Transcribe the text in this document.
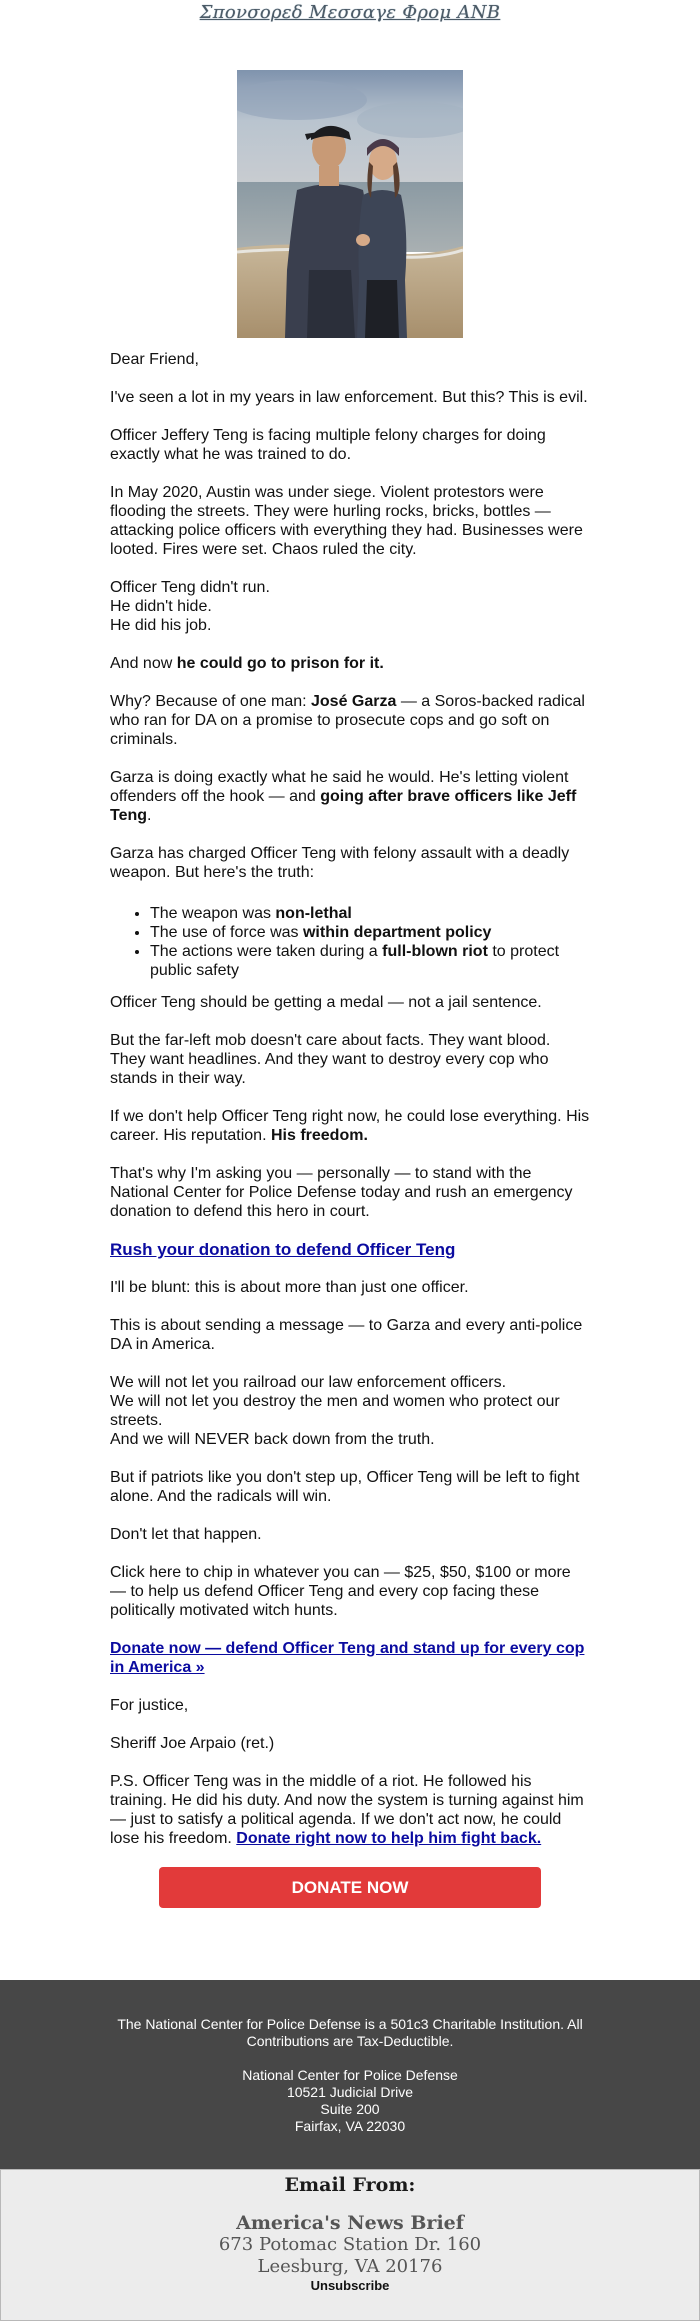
Σπονσορεδ Μεσσαγε Φρομ ΑΝΒ

Dear Friend,

I've seen a lot in my years in law enforcement. But this? This is evil.

Officer Jeffery Teng is facing multiple felony charges for doing exactly what he was trained to do.

In May 2020, Austin was under siege. Violent protestors were flooding the streets. They were hurling rocks, bricks, bottles — attacking police officers with everything they had. Businesses were looted. Fires were set. Chaos ruled the city.

Officer Teng didn't run.
He didn't hide.
He did his job.

And now he could go to prison for it.

Why? Because of one man: José Garza — a Soros-backed radical who ran for DA on a promise to prosecute cops and go soft on criminals.

Garza is doing exactly what he said he would. He's letting violent offenders off the hook — and going after brave officers like Jeff Teng.

Garza has charged Officer Teng with felony assault with a deadly weapon. But here's the truth:

• The weapon was non-lethal
• The use of force was within department policy
• The actions were taken during a full-blown riot to protect public safety

Officer Teng should be getting a medal — not a jail sentence.

But the far-left mob doesn't care about facts. They want blood. They want headlines. And they want to destroy every cop who stands in their way.

If we don't help Officer Teng right now, he could lose everything. His career. His reputation. His freedom.

That's why I'm asking you — personally — to stand with the National Center for Police Defense today and rush an emergency donation to defend this hero in court.

Rush your donation to defend Officer Teng

I'll be blunt: this is about more than just one officer.

This is about sending a message — to Garza and every anti-police DA in America.

We will not let you railroad our law enforcement officers.
We will not let you destroy the men and women who protect our streets.
And we will NEVER back down from the truth.

But if patriots like you don't step up, Officer Teng will be left to fight alone. And the radicals will win.

Don't let that happen.

Click here to chip in whatever you can — $25, $50, $100 or more — to help us defend Officer Teng and every cop facing these politically motivated witch hunts.

Donate now — defend Officer Teng and stand up for every cop in America »

For justice,

Sheriff Joe Arpaio (ret.)

P.S. Officer Teng was in the middle of a riot. He followed his training. He did his duty. And now the system is turning against him — just to satisfy a political agenda. If we don't act now, he could lose his freedom. Donate right now to help him fight back.

DONATE NOW

The National Center for Police Defense is a 501c3 Charitable Institution. All Contributions are Tax-Deductible.

National Center for Police Defense
10521 Judicial Drive
Suite 200
Fairfax, VA 22030
Email From:
America's News Brief
673 Potomac Station Dr. 160
Leesburg, VA 20176
Unsubscribe
